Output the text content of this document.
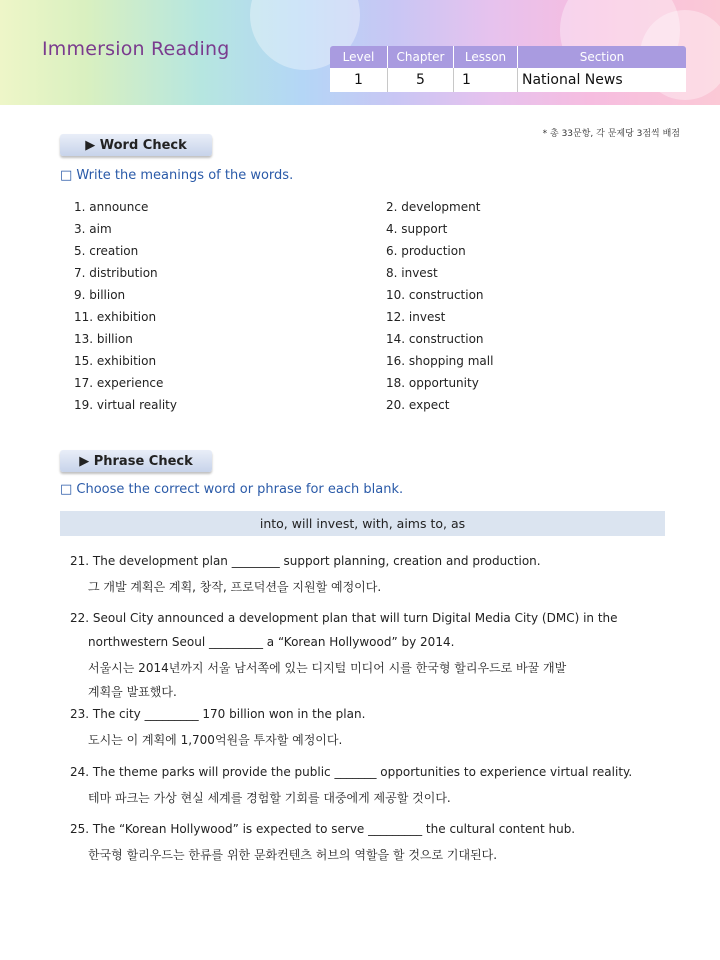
Immersion Reading	Level	Chapter	Lesson	Section
1	5	1	National News
* 총 33문항, 각 문제당 3점씩 배점
▶ Word Check
□ Write the meanings of the words.
1. announce	2. development
3. aim	4. support
5. creation	6. production
7. distribution	8. invest
9. billion	10. construction
11. exhibition	12. invest
13. billion	14. construction
15. exhibition	16. shopping mall
17. experience	18. opportunity
19. virtual reality	20. expect
▶ Phrase Check
□ Choose the correct word or phrase for each blank.
into, will invest, with, aims to, as
21. The development plan ________ support planning, creation and production.
그 개발 계획은 계획, 창작, 프로덕션을 지원할 예정이다.
22. Seoul City announced a development plan that will turn Digital Media City (DMC) in the
northwestern Seoul _________ a “Korean Hollywood” by 2014.
서울시는 2014년까지 서울 남서쪽에 있는 디지털 미디어 시를 한국형 할리우드로 바꿀 개발
계획을 발표했다.
23. The city _________ 170 billion won in the plan.
도시는 이 계획에 1,700억원을 투자할 예정이다.
24. The theme parks will provide the public _______ opportunities to experience virtual reality.
테마 파크는 가상 현실 세계를 경험할 기회를 대중에게 제공할 것이다.
25. The “Korean Hollywood” is expected to serve _________ the cultural content hub.
한국형 할리우드는 한류를 위한 문화컨텐츠 허브의 역할을 할 것으로 기대된다.
